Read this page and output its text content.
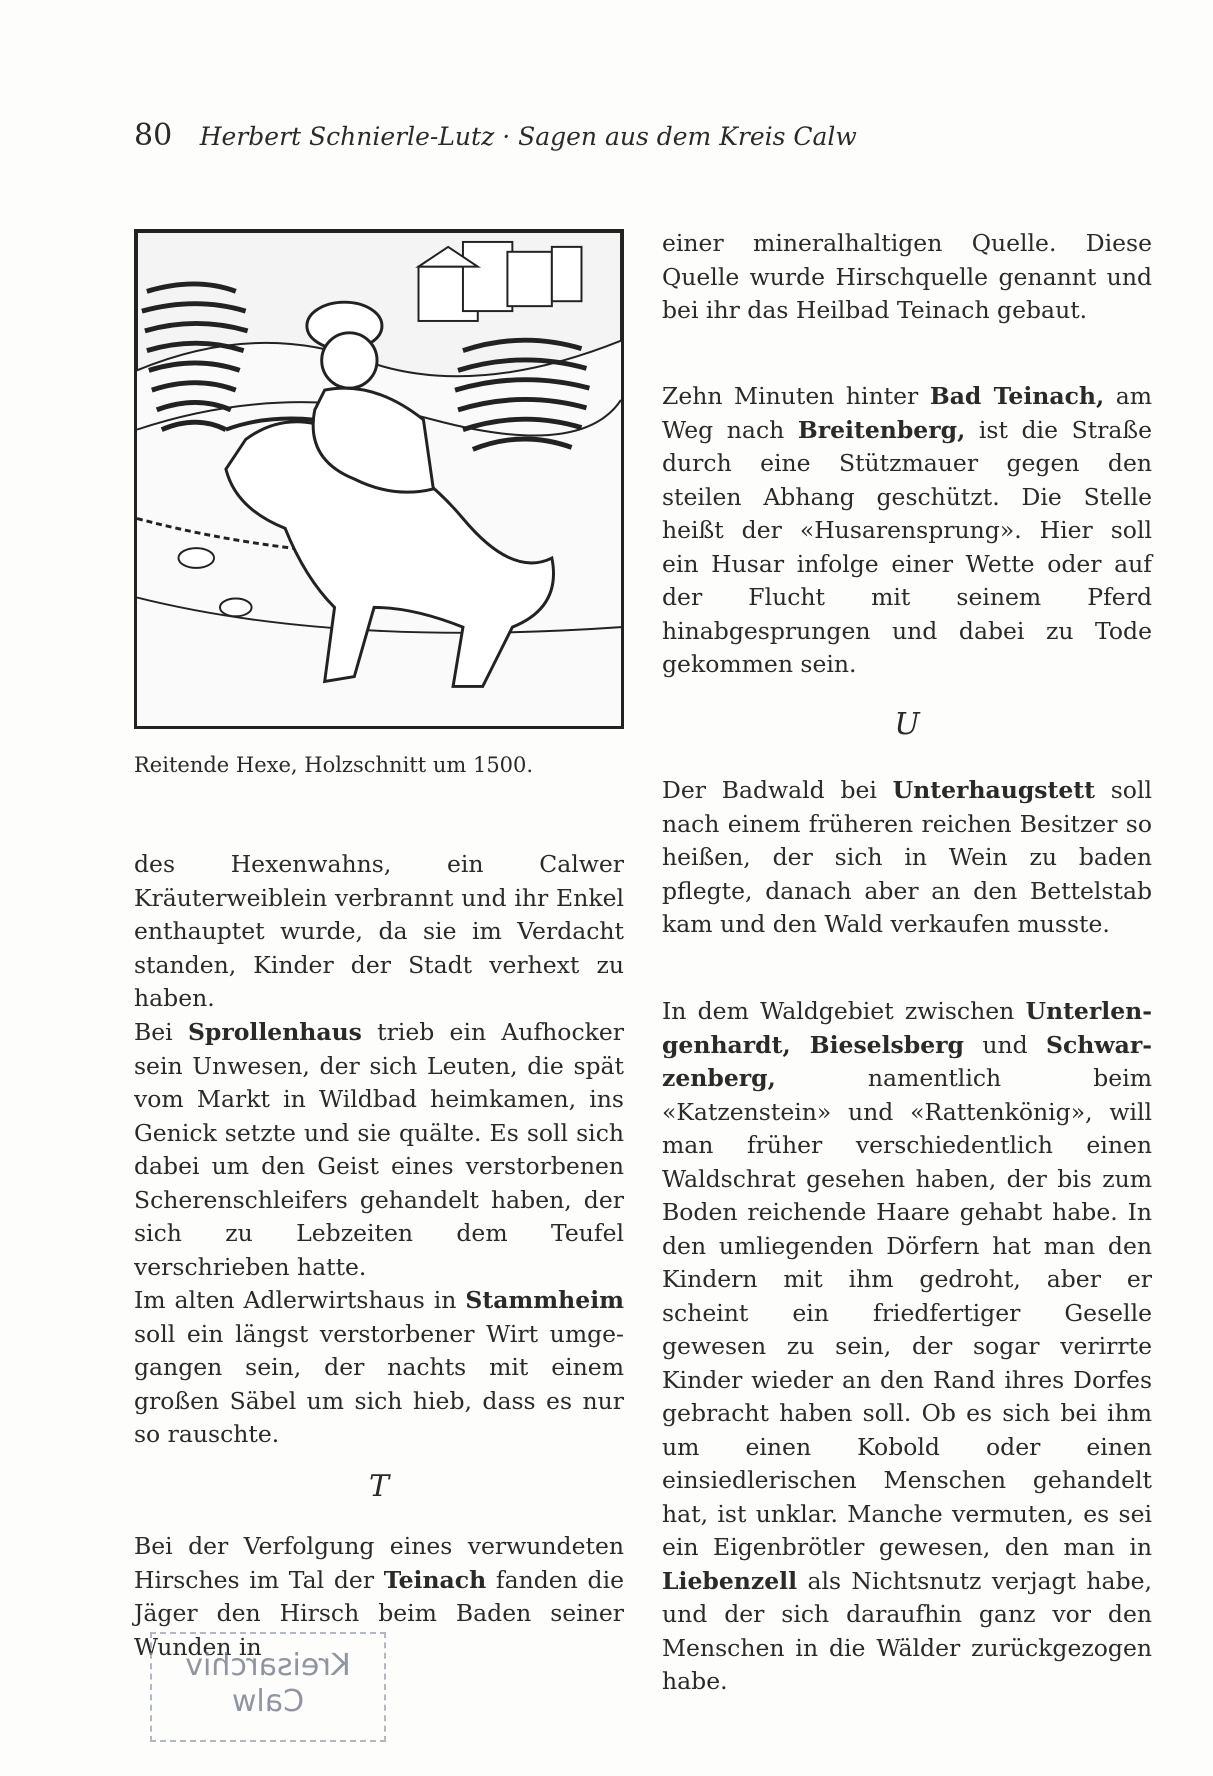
80 Herbert Schnierle-Lutz · Sagen aus dem Kreis Calw
Reitende Hexe, Holzschnitt um 1500.

des Hexenwahns, ein Calwer Kräuterweiblein verbrannt und ihr Enkel enthauptet wurde, da sie im Verdacht standen, Kinder der Stadt verhext zu haben.

Bei Sprollenhaus trieb ein Aufhocker sein Unwesen, der sich Leuten, die spät vom Markt in Wildbad heimkamen, ins Genick setzte und sie quälte. Es soll sich dabei um den Geist eines verstorbenen Scherenschleifers gehandelt haben, der sich zu Lebzeiten dem Teufel verschrieben hatte.

Im alten Adlerwirtshaus in Stammheim soll ein längst verstorbener Wirt umgegangen sein, der nachts mit einem großen Säbel um sich hieb, dass es nur so rauschte.

T

Bei der Verfolgung eines verwundeten Hirsches im Tal der Teinach fanden die Jäger den Hirsch beim Baden seiner Wunden in

einer mineralhaltigen Quelle. Diese Quelle wurde Hirschquelle genannt und bei ihr das Heilbad Teinach gebaut.

Zehn Minuten hinter Bad Teinach, am Weg nach Breitenberg, ist die Straße durch eine Stützmauer gegen den steilen Abhang geschützt. Die Stelle heißt der «Husarensprung». Hier soll ein Husar infolge einer Wette oder auf der Flucht mit seinem Pferd hinabgesprungen und dabei zu Tode gekommen sein.

U

Der Badwald bei Unterhaugstett soll nach einem früheren reichen Besitzer so heißen, der sich in Wein zu baden pflegte, danach aber an den Bettelstab kam und den Wald verkaufen musste.

In dem Waldgebiet zwischen Unterlengenhardt, Bieselsberg und Schwarzenberg, namentlich beim «Katzenstein» und «Rattenkönig», will man früher verschiedentlich einen Waldschrat gesehen haben, der bis zum Boden reichende Haare gehabt habe. In den umliegenden Dörfern hat man den Kindern mit ihm gedroht, aber er scheint ein friedfertiger Geselle gewesen zu sein, der sogar verirrte Kinder wieder an den Rand ihres Dorfes gebracht haben soll. Ob es sich bei ihm um einen Kobold oder einen einsiedlerischen Menschen gehandelt hat, ist unklar. Manche vermuten, es sei ein Eigenbrötler gewesen, den man in Liebenzell als Nichtsnutz verjagt habe, und der sich daraufhin ganz vor den Menschen in die Wälder zurückgezogen habe.

Kreisarchiv
Calw
